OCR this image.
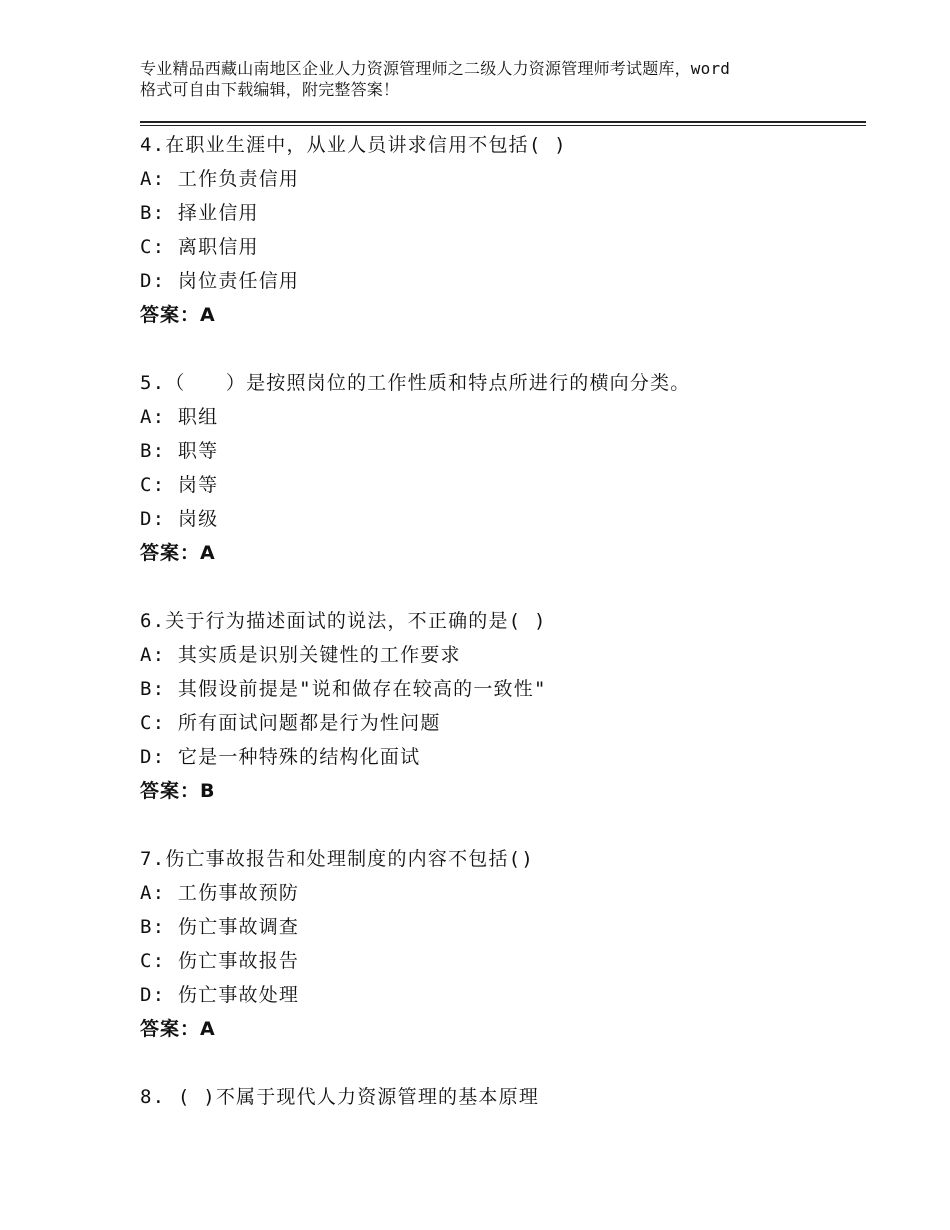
专业精品西藏山南地区企业人力资源管理师之二级人力资源管理师考试题库，word
格式可自由下载编辑，附完整答案！
4.在职业生涯中，从业人员讲求信用不包括( )
A: 工作负责信用
B: 择业信用
C: 离职信用
D: 岗位责任信用
答案：A
5.（　　）是按照岗位的工作性质和特点所进行的横向分类。
A: 职组
B: 职等
C: 岗等
D: 岗级
答案：A
6.关于行为描述面试的说法，不正确的是( )
A: 其实质是识别关键性的工作要求
B: 其假设前提是"说和做存在较高的一致性"
C: 所有面试问题都是行为性问题
D: 它是一种特殊的结构化面试
答案：B
7.伤亡事故报告和处理制度的内容不包括()
A: 工伤事故预防
B: 伤亡事故调查
C: 伤亡事故报告
D: 伤亡事故处理
答案：A
8. ( )不属于现代人力资源管理的基本原理
